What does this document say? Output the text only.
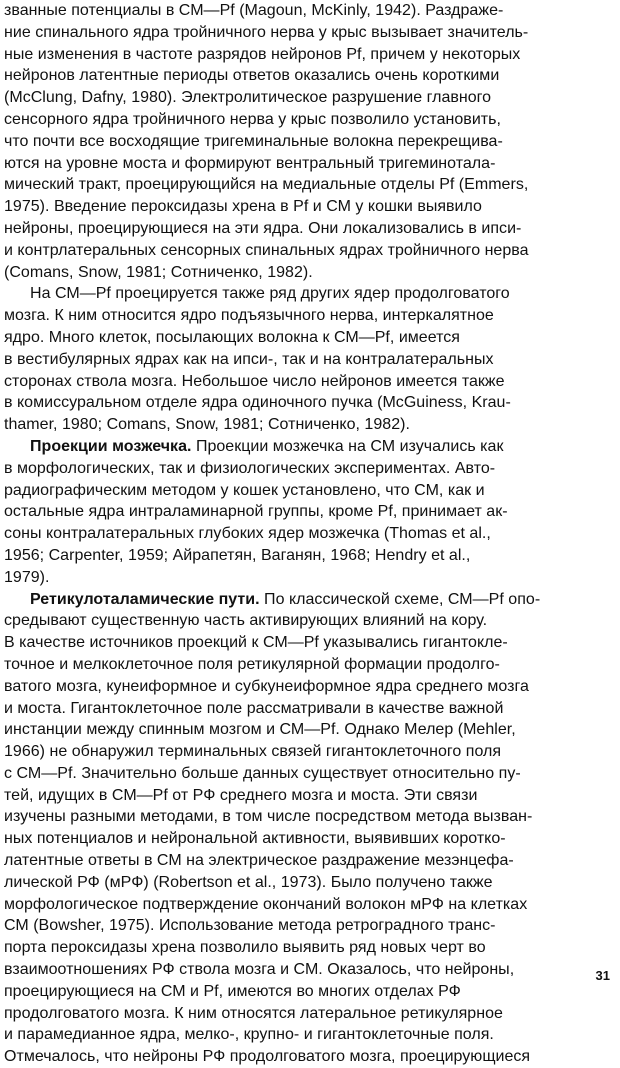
званные потенциалы в СМ—Pf (Magoun, McKinly, 1942). Раздраже-
ние спинального ядра тройничного нерва у крыс вызывает значитель-
ные изменения в частоте разрядов нейронов Pf, причем у некоторых
нейронов латентные периоды ответов оказались очень короткими
(McClung, Dafny, 1980). Электролитическое разрушение главного
сенсорного ядра тройничного нерва у крыс позволило установить,
что почти все восходящие тригеминальные волокна перекрещива-
ются на уровне моста и формируют вентральный тригеминотала-
мический тракт, проецирующийся на медиальные отделы Pf (Emmers,
1975). Введение пероксидазы хрена в Pf и СМ у кошки выявило
нейроны, проецирующиеся на эти ядра. Они локализовались в ипси-
и контрлатеральных сенсорных спинальных ядрах тройничного нерва
(Comans, Snow, 1981; Сотниченко, 1982).
На СМ—Pf проецируется также ряд других ядер продолговатого
мозга. К ним относится ядро подъязычного нерва, интеркалятное
ядро. Много клеток, посылающих волокна к СМ—Pf, имеется
в вестибулярных ядрах как на ипси-, так и на контралатеральных
сторонах ствола мозга. Небольшое число нейронов имеется также
в комиссуральном отделе ядра одиночного пучка (McGuiness, Krau-
thamer, 1980; Comans, Snow, 1981; Сотниченко, 1982).
Проекции мозжечка. Проекции мозжечка на СМ изучались как
в морфологических, так и физиологических экспериментах. Авто-
радиографическим методом у кошек установлено, что СМ, как и
остальные ядра интраламинарной группы, кроме Pf, принимает ак-
соны контралатеральных глубоких ядер мозжечка (Thomas et al.,
1956; Carpenter, 1959; Айрапетян, Ваганян, 1968; Hendry et al.,
1979).
Ретикулоталамические пути. По классической схеме, СМ—Pf опо-
средывают существенную часть активирующих влияний на кору.
В качестве источников проекций к СМ—Pf указывались гигантокле-
точное и мелкоклеточное поля ретикулярной формации продолго-
ватого мозга, кунеиформное и субкунеиформное ядра среднего мозга
и моста. Гигантоклеточное поле рассматривали в качестве важной
инстанции между спинным мозгом и СМ—Pf. Однако Мелер (Mehler,
1966) не обнаружил терминальных связей гигантоклеточного поля
с СМ—Pf. Значительно больше данных существует относительно пу-
тей, идущих в СМ—Pf от РФ среднего мозга и моста. Эти связи
изучены разными методами, в том числе посредством метода вызван-
ных потенциалов и нейрональной активности, выявивших коротко-
латентные ответы в СМ на электрическое раздражение мезэнцефа-
лической РФ (мРФ) (Robertson et al., 1973). Было получено также
морфологическое подтверждение окончаний волокон мРФ на клетках
СМ (Bowsher, 1975). Использование метода ретроградного транс-
порта пероксидазы хрена позволило выявить ряд новых черт во
взаимоотношениях РФ ствола мозга и СМ. Оказалось, что нейроны,
проецирующиеся на СМ и Pf, имеются во многих отделах РФ
продолговатого мозга. К ним относятся латеральное ретикулярное
и парамедианное ядра, мелко-, крупно- и гигантоклеточные поля.
Отмечалось, что нейроны РФ продолговатого мозга, проецирующиеся
31
